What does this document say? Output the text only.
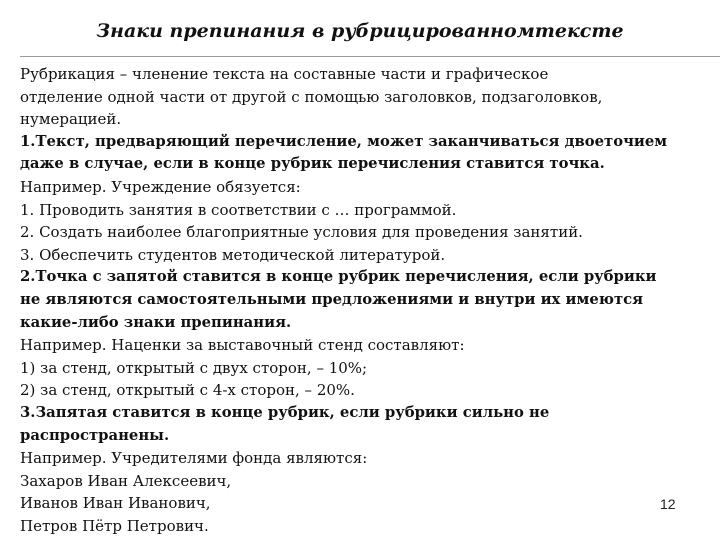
Знаки препинания в рубрицированномтексте
Рубрикация – членение текста на составные части и графическое
отделение одной части от другой с помощью заголовков, подзаголовков,
нумерацией.
1.Текст, предваряющий перечисление, может заканчиваться двоеточием
даже в случае, если в конце рубрик перечисления ставится точка.
Например. Учреждение обязуется:
1. Проводить занятия в соответствии с … программой.
2. Создать наиболее благоприятные условия для проведения занятий.
3. Обеспечить студентов методической литературой.
2.Точка с запятой ставится в конце рубрик перечисления, если рубрики
не являются самостоятельными предложениями и внутри их имеются
какие-либо знаки препинания.
Например. Наценки за выставочный стенд составляют:
1) за стенд, открытый с двух сторон, – 10%;
2) за стенд, открытый с 4-х сторон, – 20%.
3.Запятая ставится в конце рубрик, если рубрики сильно не
распространены.
Например. Учредителями фонда являются:
Захаров Иван Алексеевич,
Иванов Иван Иванович,
Петров Пётр Петрович.
12
